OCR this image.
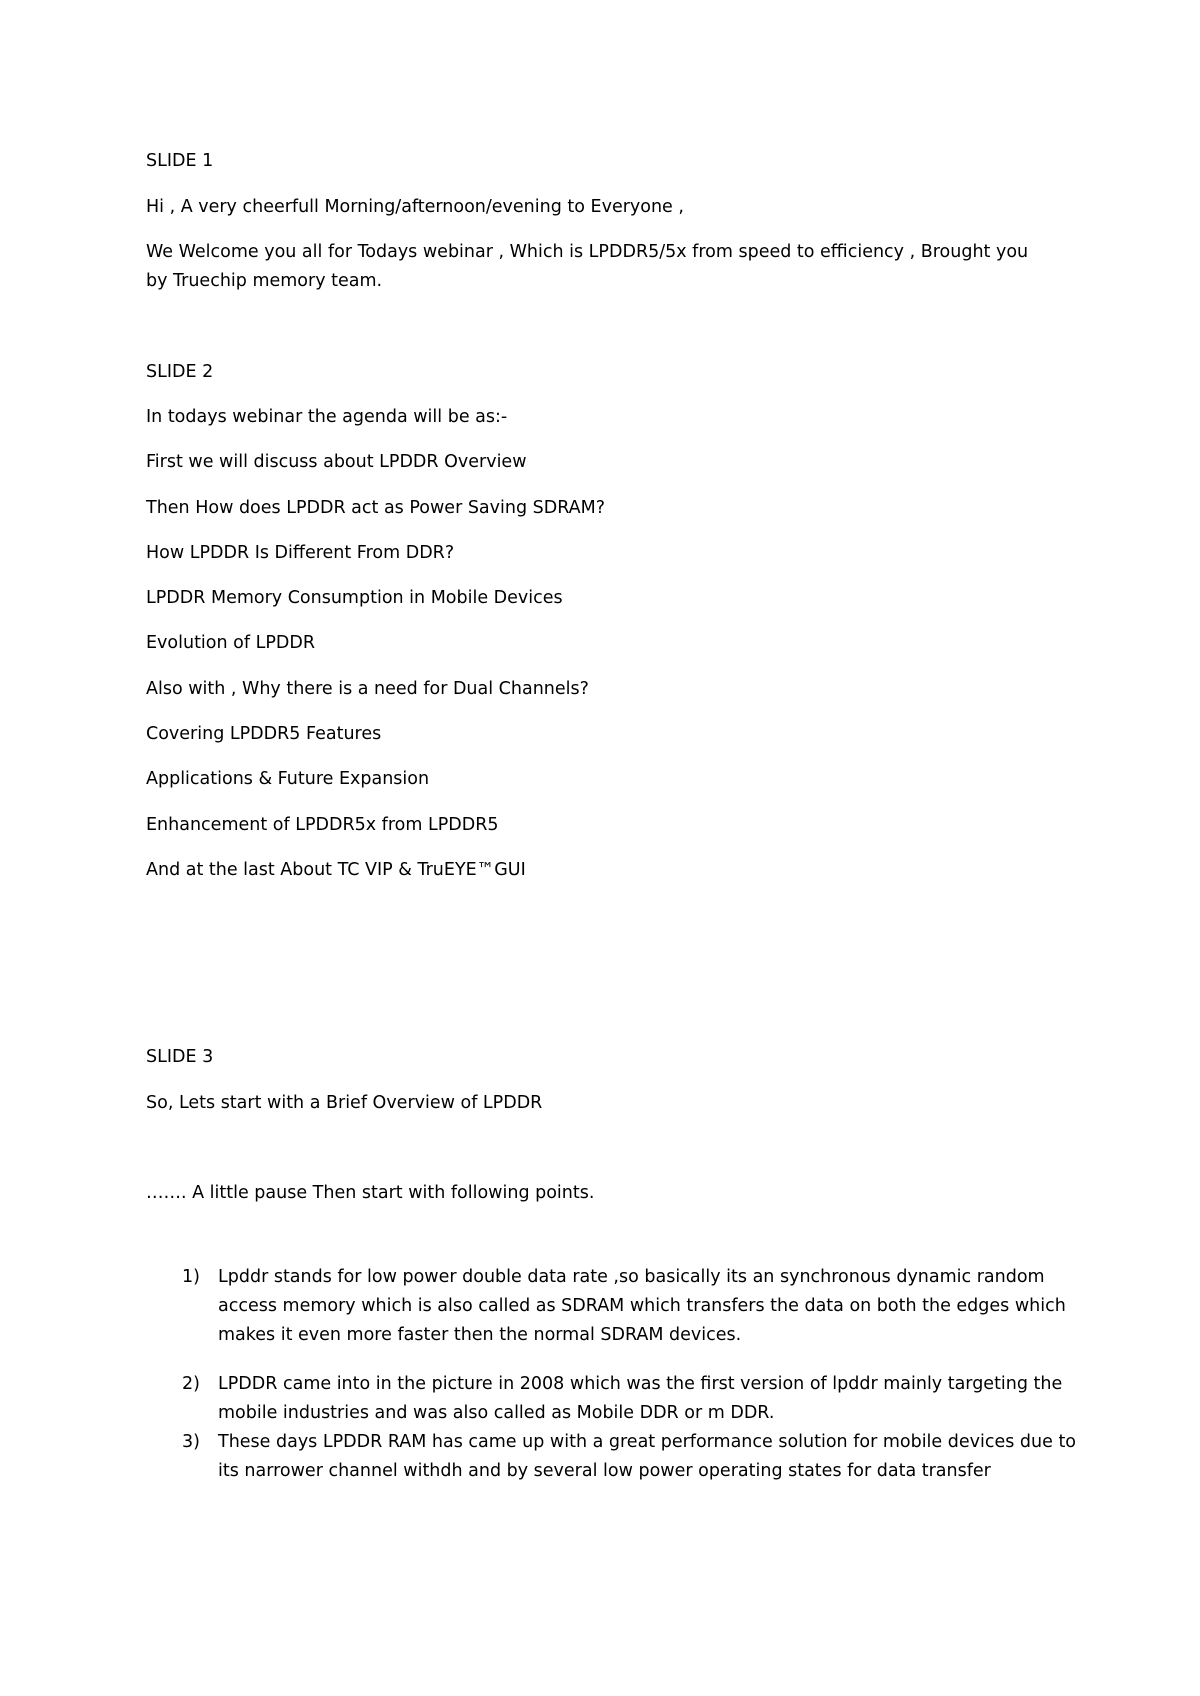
SLIDE 1
Hi , A very cheerfull Morning/afternoon/evening to Everyone ,
We Welcome you all for Todays webinar , Which is LPDDR5/5x from speed to efficiency , Brought you
by Truechip memory team.
SLIDE 2
In todays webinar the agenda will be as:-
First we will discuss about LPDDR Overview
Then How does LPDDR act as Power Saving SDRAM?
How LPDDR Is Different From DDR?
LPDDR Memory Consumption in Mobile Devices
Evolution of LPDDR
Also with , Why there is a need for Dual Channels?
Covering LPDDR5 Features
Applications & Future Expansion
Enhancement of LPDDR5x from LPDDR5
And at the last About TC VIP & TruEYE™GUI
SLIDE 3
So, Lets start with a Brief Overview of LPDDR
……. A little pause Then start with following points.
1) Lpddr stands for low power double data rate ,so basically its an synchronous dynamic random access memory which is also called as SDRAM which transfers the data on both the edges which makes it even more faster then the normal SDRAM devices.
2) LPDDR came into in the picture in 2008 which was the first version of lpddr mainly targeting the mobile industries and was also called as Mobile DDR or m DDR.
3) These days LPDDR RAM has came up with a great performance solution for mobile devices due to its narrower channel withdh and by several low power operating states for data transfer
